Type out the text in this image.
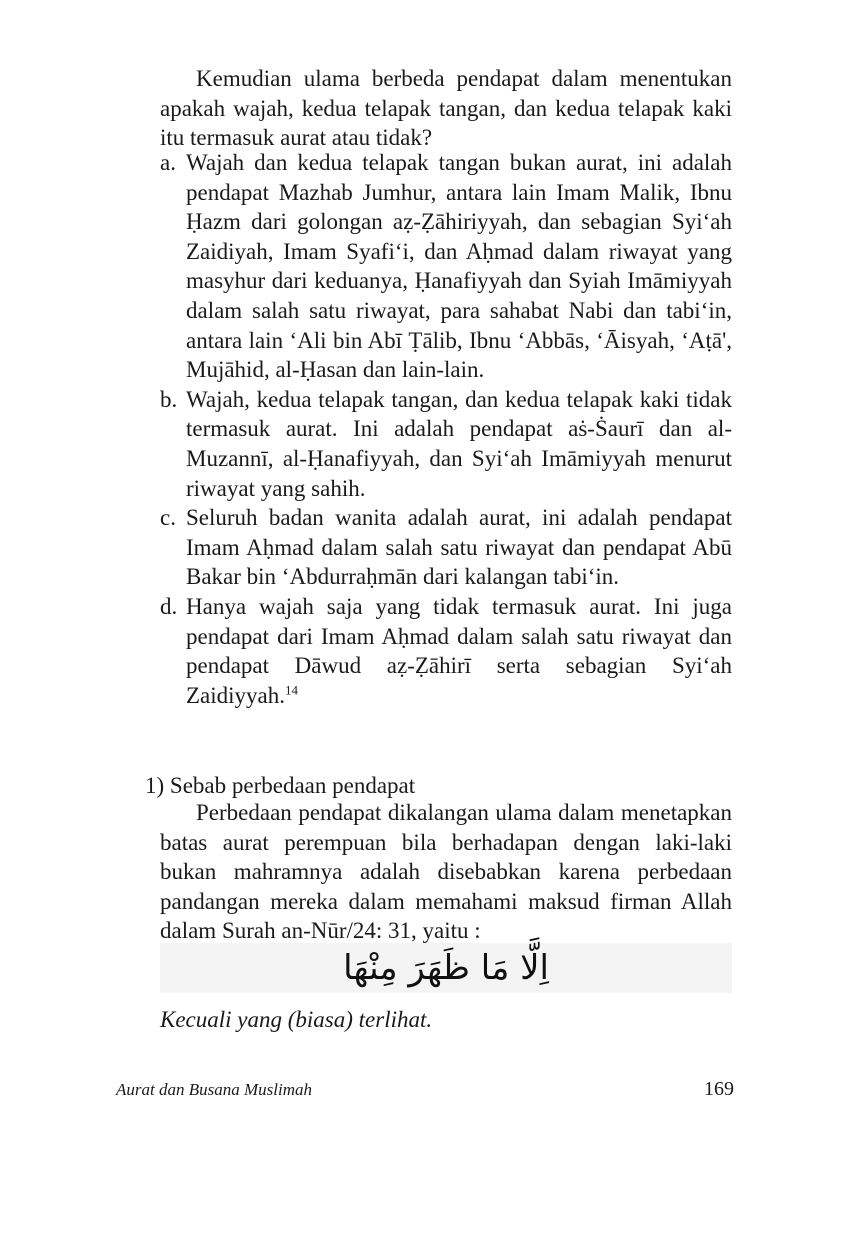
Kemudian ulama berbeda pendapat dalam menentukan apakah wajah, kedua telapak tangan, dan kedua telapak kaki itu termasuk aurat atau tidak?

a. Wajah dan kedua telapak tangan bukan aurat, ini adalah pendapat Mazhab Jumhur, antara lain Imam Malik, Ibnu Ḥazm dari golongan aẓ-Ẓāhiriyyah, dan sebagian Syi‘ah Zaidiyah, Imam Syafi‘i, dan Aḥmad dalam riwayat yang masyhur dari keduanya, Ḥanafiyyah dan Syiah Imāmiyyah dalam salah satu riwayat, para sahabat Nabi dan tabi‘in, antara lain ‘Ali bin Abī Ṭālib, Ibnu ‘Abbās, ‘Āisyah, ‘Aṭā', Mujāhid, al-Ḥasan dan lain-lain.
b. Wajah, kedua telapak tangan, dan kedua telapak kaki tidak termasuk aurat. Ini adalah pendapat aṡ-Ṡaurī dan al-Muzannī, al-Ḥanafiyyah, dan Syi‘ah Imāmiyyah menurut riwayat yang sahih.
c. Seluruh badan wanita adalah aurat, ini adalah pendapat Imam Aḥmad dalam salah satu riwayat dan pendapat Abū Bakar bin ‘Abdurraḥmān dari kalangan tabi‘in.
d. Hanya wajah saja yang tidak termasuk aurat. Ini juga pendapat dari Imam Aḥmad dalam salah satu riwayat dan pendapat Dāwud aẓ-Ẓāhirī serta sebagian Syi‘ah Zaidiyyah.$^{14}$
1) Sebab perbedaan pendapat

Perbedaan pendapat dikalangan ulama dalam menetapkan batas aurat perempuan bila berhadapan dengan laki-laki bukan mahramnya adalah disebabkan karena perbedaan pandangan mereka dalam memahami maksud firman Allah dalam Surah an-Nūr/24: 31, yaitu :

اِلَّا مَا ظَهَرَ مِنْهَا

Kecuali yang (biasa) terlihat.

Aurat dan Busana Muslimah	169
